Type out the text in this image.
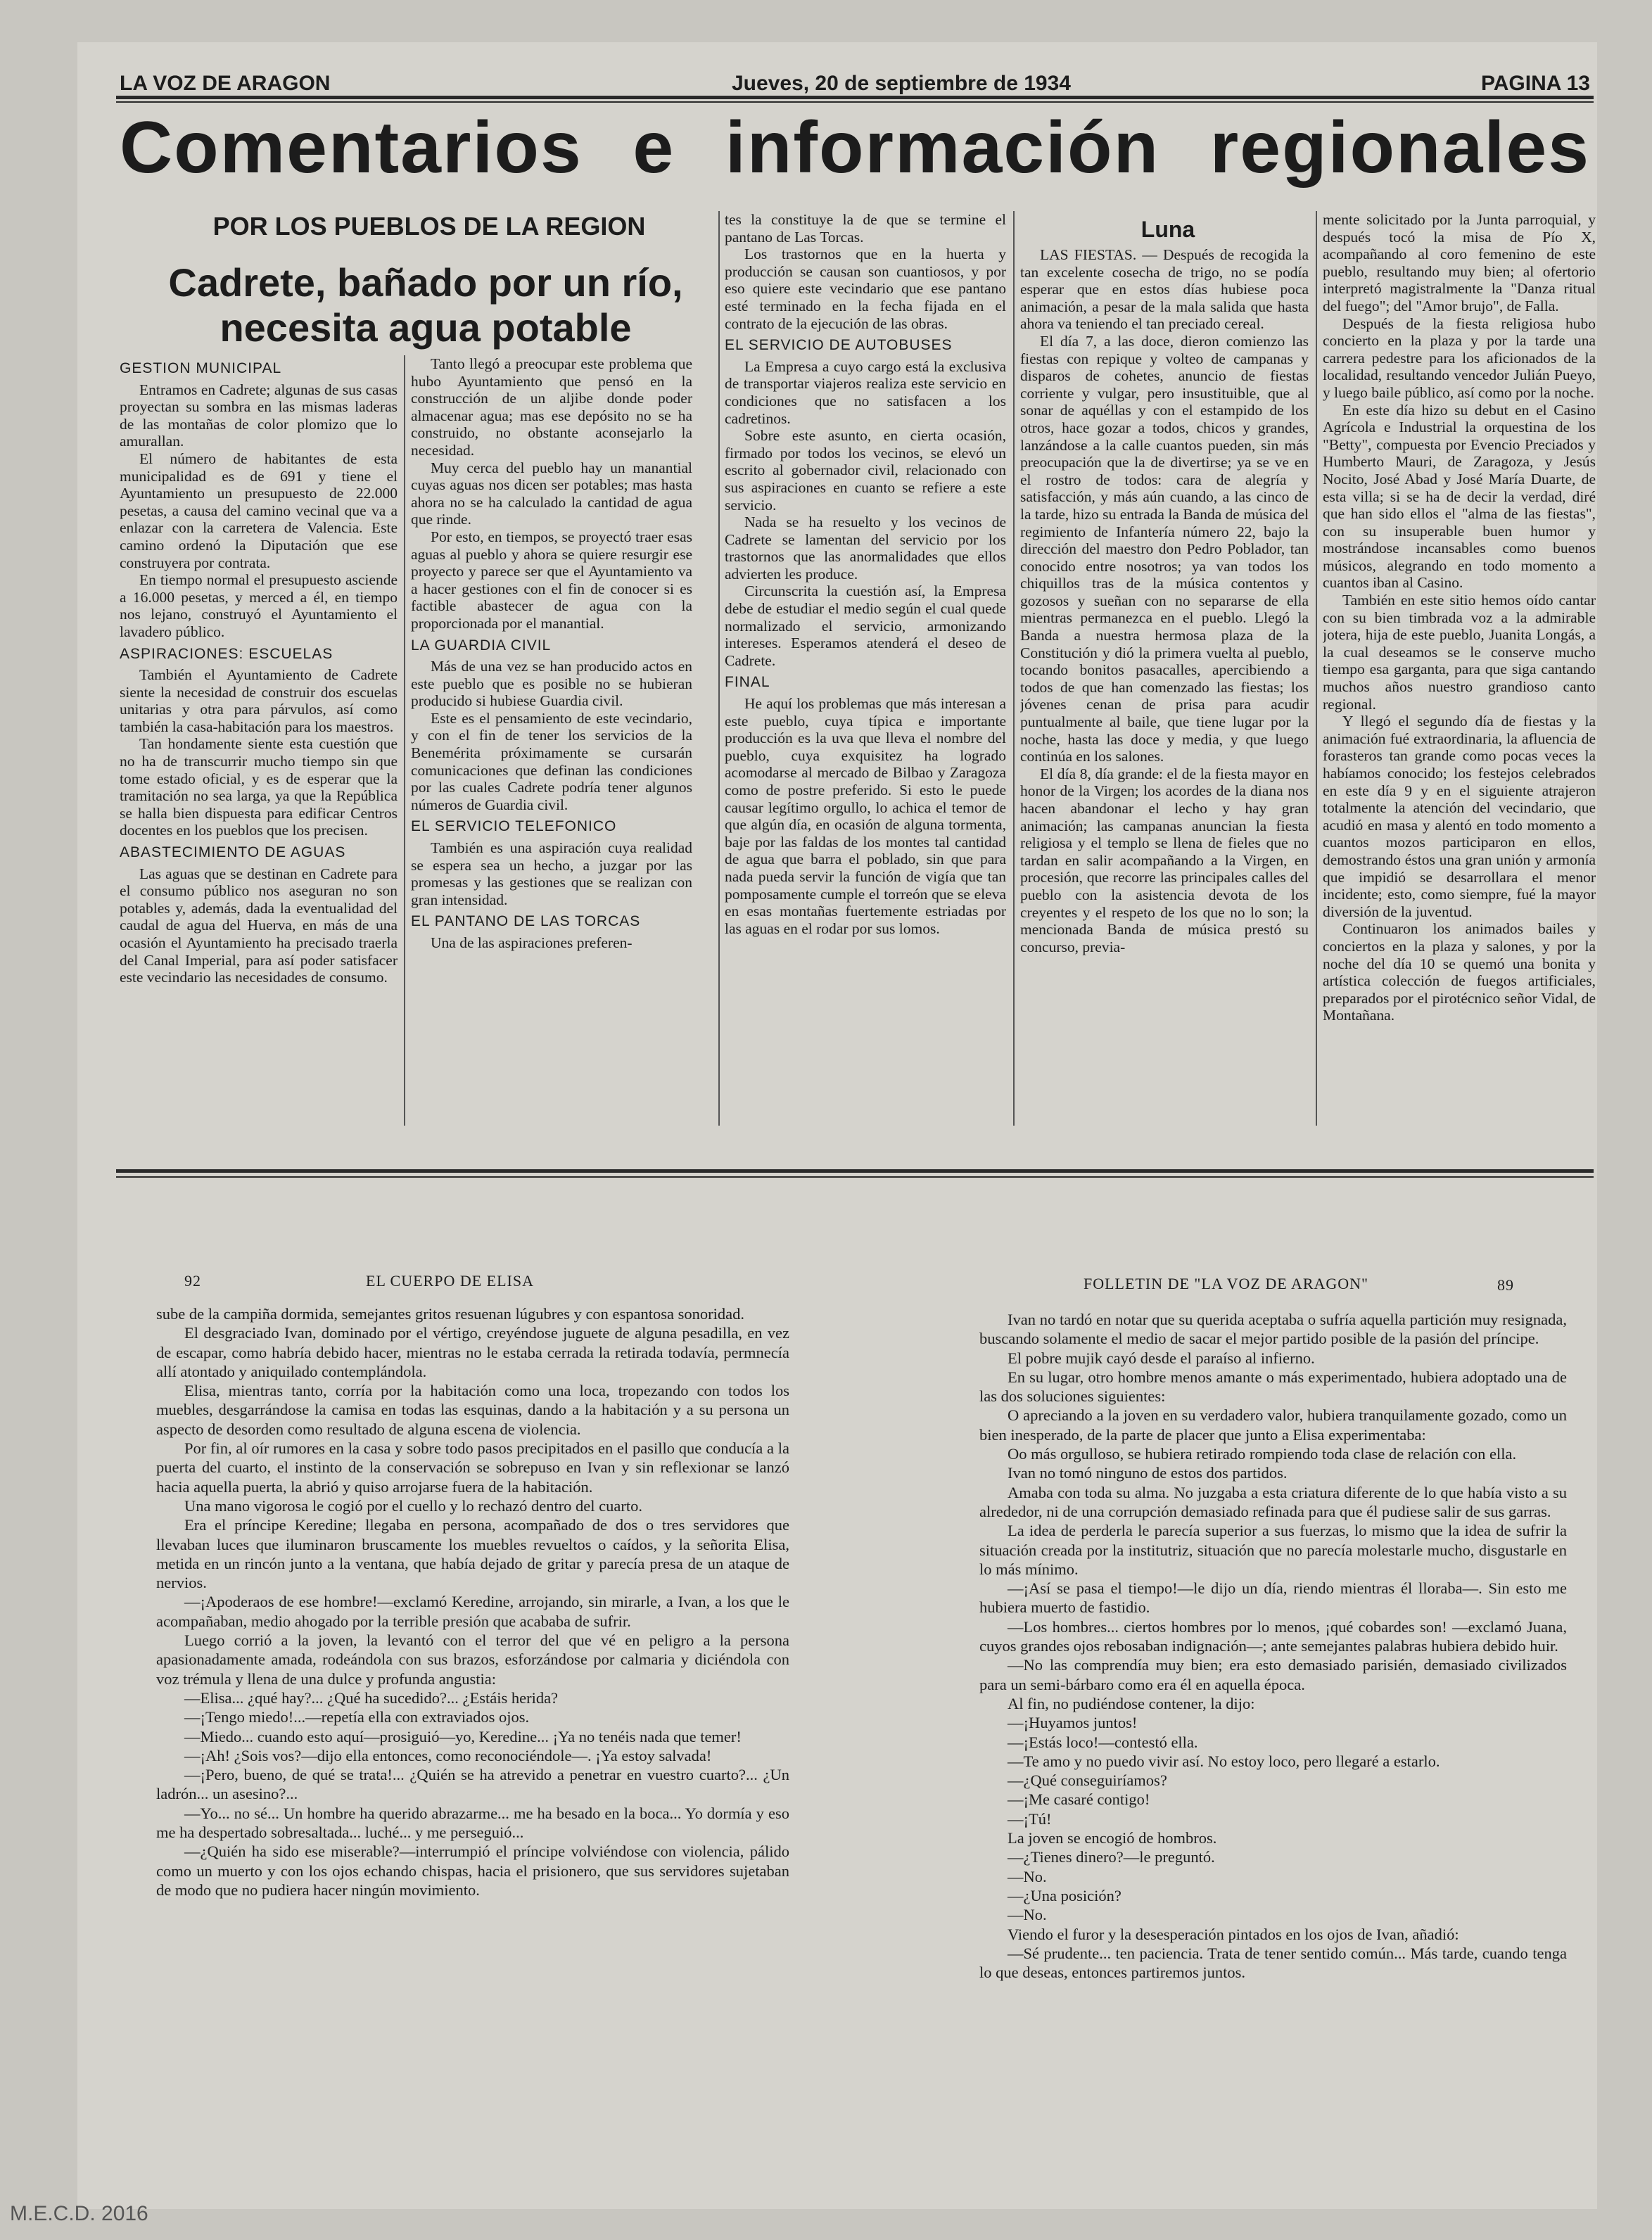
LA VOZ DE ARAGON	Jueves, 20 de septiembre de 1934	PAGINA 13
Comentarios e información regionales
POR LOS PUEBLOS DE LA REGION
Cadrete, bañado por un río,
necesita agua potable
GESTION MUNICIPAL

Entramos en Cadrete; algunas de sus casas proyectan su sombra en las mismas laderas de las montañas de color plomizo que lo amurallan.

El número de habitantes de esta municipalidad es de 691 y tiene el Ayuntamiento un presupuesto de 22.000 pesetas, a causa del camino vecinal que va a enlazar con la carretera de Valencia. Este camino ordenó la Diputación que ese construyera por contrata.

En tiempo normal el presupuesto asciende a 16.000 pesetas, y merced a él, en tiempo nos lejano, construyó el Ayuntamiento el lavadero público.

ASPIRACIONES: ESCUELAS

También el Ayuntamiento de Cadrete siente la necesidad de construir dos escuelas unitarias y otra para párvulos, así como también la casa-habitación para los maestros.

Tan hondamente siente esta cuestión que no ha de transcurrir mucho tiempo sin que tome estado oficial, y es de esperar que la tramitación no sea larga, ya que la República se halla bien dispuesta para edificar Centros docentes en los pueblos que los precisen.

ABASTECIMIENTO DE AGUAS

Las aguas que se destinan en Cadrete para el consumo público nos aseguran no son potables y, además, dada la eventualidad del caudal de agua del Huerva, en más de una ocasión el Ayuntamiento ha precisado traerla del Canal Imperial, para así poder satisfacer este vecindario las necesidades de consumo.

Tanto llegó a preocupar este problema que hubo Ayuntamiento que pensó en la construcción de un aljibe donde poder almacenar agua; mas ese depósito no se ha construido, no obstante aconsejarlo la necesidad.

Muy cerca del pueblo hay un manantial cuyas aguas nos dicen ser potables; mas hasta ahora no se ha calculado la cantidad de agua que rinde.

Por esto, en tiempos, se proyectó traer esas aguas al pueblo y ahora se quiere resurgir ese proyecto y parece ser que el Ayuntamiento va a hacer gestiones con el fin de conocer si es factible abastecer de agua con la proporcionada por el manantial.

LA GUARDIA CIVIL

Más de una vez se han producido actos en este pueblo que es posible no se hubieran producido si hubiese Guardia civil.

Este es el pensamiento de este vecindario, y con el fin de tener los servicios de la Benemérita próximamente se cursarán comunicaciones que definan las condiciones por las cuales Cadrete podría tener algunos números de Guardia civil.

EL SERVICIO TELEFONICO

También es una aspiración cuya realidad se espera sea un hecho, a juzgar por las promesas y las gestiones que se realizan con gran intensidad.

EL PANTANO DE LAS TORCAS

Una de las aspiraciones preferen-

tes la constituye la de que se termine el pantano de Las Torcas.

Los trastornos que en la huerta y producción se causan son cuantiosos, y por eso quiere este vecindario que ese pantano esté terminado en la fecha fijada en el contrato de la ejecución de las obras.

EL SERVICIO DE AUTOBUSES

La Empresa a cuyo cargo está la exclusiva de transportar viajeros realiza este servicio en condiciones que no satisfacen a los cadretinos.

Sobre este asunto, en cierta ocasión, firmado por todos los vecinos, se elevó un escrito al gobernador civil, relacionado con sus aspiraciones en cuanto se refiere a este servicio.

Nada se ha resuelto y los vecinos de Cadrete se lamentan del servicio por los trastornos que las anormalidades que ellos advierten les produce.

Circunscrita la cuestión así, la Empresa debe de estudiar el medio según el cual quede normalizado el servicio, armonizando intereses. Esperamos atenderá el deseo de Cadrete.

FINAL

He aquí los problemas que más interesan a este pueblo, cuya típica e importante producción es la uva que lleva el nombre del pueblo, cuya exquisitez ha logrado acomodarse al mercado de Bilbao y Zaragoza como de postre preferido. Si esto le puede causar legítimo orgullo, lo achica el temor de que algún día, en ocasión de alguna tormenta, baje por las faldas de los montes tal cantidad de agua que barra el poblado, sin que para nada pueda servir la función de vigía que tan pomposamente cumple el torreón que se eleva en esas montañas fuertemente estriadas por las aguas en el rodar por sus lomos.

Luna

LAS FIESTAS. — Después de recogida la tan excelente cosecha de trigo, no se podía esperar que en estos días hubiese poca animación, a pesar de la mala salida que hasta ahora va teniendo el tan preciado cereal.

El día 7, a las doce, dieron comienzo las fiestas con repique y volteo de campanas y disparos de cohetes, anuncio de fiestas corriente y vulgar, pero insustituible, que al sonar de aquéllas y con el estampido de los otros, hace gozar a todos, chicos y grandes, lanzándose a la calle cuantos pueden, sin más preocupación que la de divertirse; ya se ve en el rostro de todos: cara de alegría y satisfacción, y más aún cuando, a las cinco de la tarde, hizo su entrada la Banda de música del regimiento de Infantería número 22, bajo la dirección del maestro don Pedro Poblador, tan conocido entre nosotros; ya van todos los chiquillos tras de la música contentos y gozosos y sueñan con no separarse de ella mientras permanezca en el pueblo. Llegó la Banda a nuestra hermosa plaza de la Constitución y dió la primera vuelta al pueblo, tocando bonitos pasacalles, apercibiendo a todos de que han comenzado las fiestas; los jóvenes cenan de prisa para acudir puntualmente al baile, que tiene lugar por la noche, hasta las doce y media, y que luego continúa en los salones.

El día 8, día grande: el de la fiesta mayor en honor de la Virgen; los acordes de la diana nos hacen abandonar el lecho y hay gran animación; las campanas anuncian la fiesta religiosa y el templo se llena de fieles que no tardan en salir acompañando a la Virgen, en procesión, que recorre las principales calles del pueblo con la asistencia devota de los creyentes y el respeto de los que no lo son; la mencionada Banda de música prestó su concurso, previa-

mente solicitado por la Junta parroquial, y después tocó la misa de Pío X, acompañando al coro femenino de este pueblo, resultando muy bien; al ofertorio interpretó magistralmente la "Danza ritual del fuego"; del "Amor brujo", de Falla.

Después de la fiesta religiosa hubo concierto en la plaza y por la tarde una carrera pedestre para los aficionados de la localidad, resultando vencedor Julián Pueyo, y luego baile público, así como por la noche.

En este día hizo su debut en el Casino Agrícola e Industrial la orquestina de los "Betty", compuesta por Evencio Preciados y Humberto Mauri, de Zaragoza, y Jesús Nocito, José Abad y José María Duarte, de esta villa; si se ha de decir la verdad, diré que han sido ellos el "alma de las fiestas", con su insuperable buen humor y mostrándose incansables como buenos músicos, alegrando en todo momento a cuantos iban al Casino.

También en este sitio hemos oído cantar con su bien timbrada voz a la admirable jotera, hija de este pueblo, Juanita Longás, a la cual deseamos se le conserve mucho tiempo esa garganta, para que siga cantando muchos años nuestro grandioso canto regional.

Y llegó el segundo día de fiestas y la animación fué extraordinaria, la afluencia de forasteros tan grande como pocas veces la habíamos conocido; los festejos celebrados en este día 9 y en el siguiente atrajeron totalmente la atención del vecindario, que acudió en masa y alentó en todo momento a cuantos mozos participaron en ellos, demostrando éstos una gran unión y armonía que impidió se desarrollara el menor incidente; esto, como siempre, fué la mayor diversión de la juventud.

Continuaron los animados bailes y conciertos en la plaza y salones, y por la noche del día 10 se quemó una bonita y artística colección de fuegos artificiales, preparados por el pirotécnico señor Vidal, de Montañana.

92	EL CUERPO DE ELISA	FOLLETIN DE "LA VOZ DE ARAGON"	89

sube de la campiña dormida, semejantes gritos resuenan lúgubres y con espantosa sonoridad.

El desgraciado Ivan, dominado por el vértigo, creyéndose juguete de alguna pesadilla, en vez de escapar, como habría debido hacer, mientras no le estaba cerrada la retirada todavía, permnecía allí atontado y aniquilado contemplándola.

Elisa, mientras tanto, corría por la habitación como una loca, tropezando con todos los muebles, desgarrándose la camisa en todas las esquinas, dando a la habitación y a su persona un aspecto de desorden como resultado de alguna escena de violencia.

Por fin, al oír rumores en la casa y sobre todo pasos precipitados en el pasillo que conducía a la puerta del cuarto, el instinto de la conservación se sobrepuso en Ivan y sin reflexionar se lanzó hacia aquella puerta, la abrió y quiso arrojarse fuera de la habitación.

Una mano vigorosa le cogió por el cuello y lo rechazó dentro del cuarto.

Era el príncipe Keredine; llegaba en persona, acompañado de dos o tres servidores que llevaban luces que iluminaron bruscamente los muebles revueltos o caídos, y la señorita Elisa, metida en un rincón junto a la ventana, que había dejado de gritar y parecía presa de un ataque de nervios.

—¡Apoderaos de ese hombre!—exclamó Keredine, arrojando, sin mirarle, a Ivan, a los que le acompañaban, medio ahogado por la terrible presión que acababa de sufrir.

Luego corrió a la joven, la levantó con el terror del que vé en peligro a la persona apasionadamente amada, rodeándola con sus brazos, esforzándose por calmaria y diciéndola con voz trémula y llena de una dulce y profunda angustia:

—Elisa... ¿qué hay?... ¿Qué ha sucedido?... ¿Estáis herida?

—¡Tengo miedo!...—repetía ella con extraviados ojos.

—Miedo... cuando esto aquí—prosiguió—yo, Keredine... ¡Ya no tenéis nada que temer!

—¡Ah! ¿Sois vos?—dijo ella entonces, como reconociéndole—. ¡Ya estoy salvada!

—¡Pero, bueno, de qué se trata!... ¿Quién se ha atrevido a penetrar en vuestro cuarto?... ¿Un ladrón... un asesino?...

—Yo... no sé... Un hombre ha querido abrazarme... me ha besado en la boca... Yo dormía y eso me ha despertado sobresaltada... luché... y me perseguió...

—¿Quién ha sido ese miserable?—interrumpió el príncipe volviéndose con violencia, pálido como un muerto y con los ojos echando chispas, hacia el prisionero, que sus servidores sujetaban de modo que no pudiera hacer ningún movimiento.

Ivan no tardó en notar que su querida aceptaba o sufría aquella partición muy resignada, buscando solamente el medio de sacar el mejor partido posible de la pasión del príncipe.

El pobre mujik cayó desde el paraíso al infierno.

En su lugar, otro hombre menos amante o más experimentado, hubiera adoptado una de las dos soluciones siguientes:

O apreciando a la joven en su verdadero valor, hubiera tranquilamente gozado, como un bien inesperado, de la parte de placer que junto a Elisa experimentaba:

Oo más orgulloso, se hubiera retirado rompiendo toda clase de relación con ella.

Ivan no tomó ninguno de estos dos partidos.

Amaba con toda su alma. No juzgaba a esta criatura diferente de lo que había visto a su alrededor, ni de una corrupción demasiado refinada para que él pudiese salir de sus garras.

La idea de perderla le parecía superior a sus fuerzas, lo mismo que la idea de sufrir la situación creada por la institutriz, situación que no parecía molestarle mucho, disgustarle en lo más mínimo.

—¡Así se pasa el tiempo!—le dijo un día, riendo mientras él lloraba—. Sin esto me hubiera muerto de fastidio.

—Los hombres... ciertos hombres por lo menos, ¡qué cobardes son! —exclamó Juana, cuyos grandes ojos rebosaban indignación—; ante semejantes palabras hubiera debido huir.

—No las comprendía muy bien; era esto demasiado parisién, demasiado civilizados para un semi-bárbaro como era él en aquella época.

Al fin, no pudiéndose contener, la dijo:

—¡Huyamos juntos!

—¡Estás loco!—contestó ella.

—Te amo y no puedo vivir así. No estoy loco, pero llegaré a estarlo.

—¿Qué conseguiríamos?

—¡Me casaré contigo!

—¡Tú!

La joven se encogió de hombros.

—¿Tienes dinero?—le preguntó.

—No.

—¿Una posición?

—No.

Viendo el furor y la desesperación pintados en los ojos de Ivan, añadió:

—Sé prudente... ten paciencia. Trata de tener sentido común... Más tarde, cuando tenga lo que deseas, entonces partiremos juntos.

M.E.C.D. 2016
